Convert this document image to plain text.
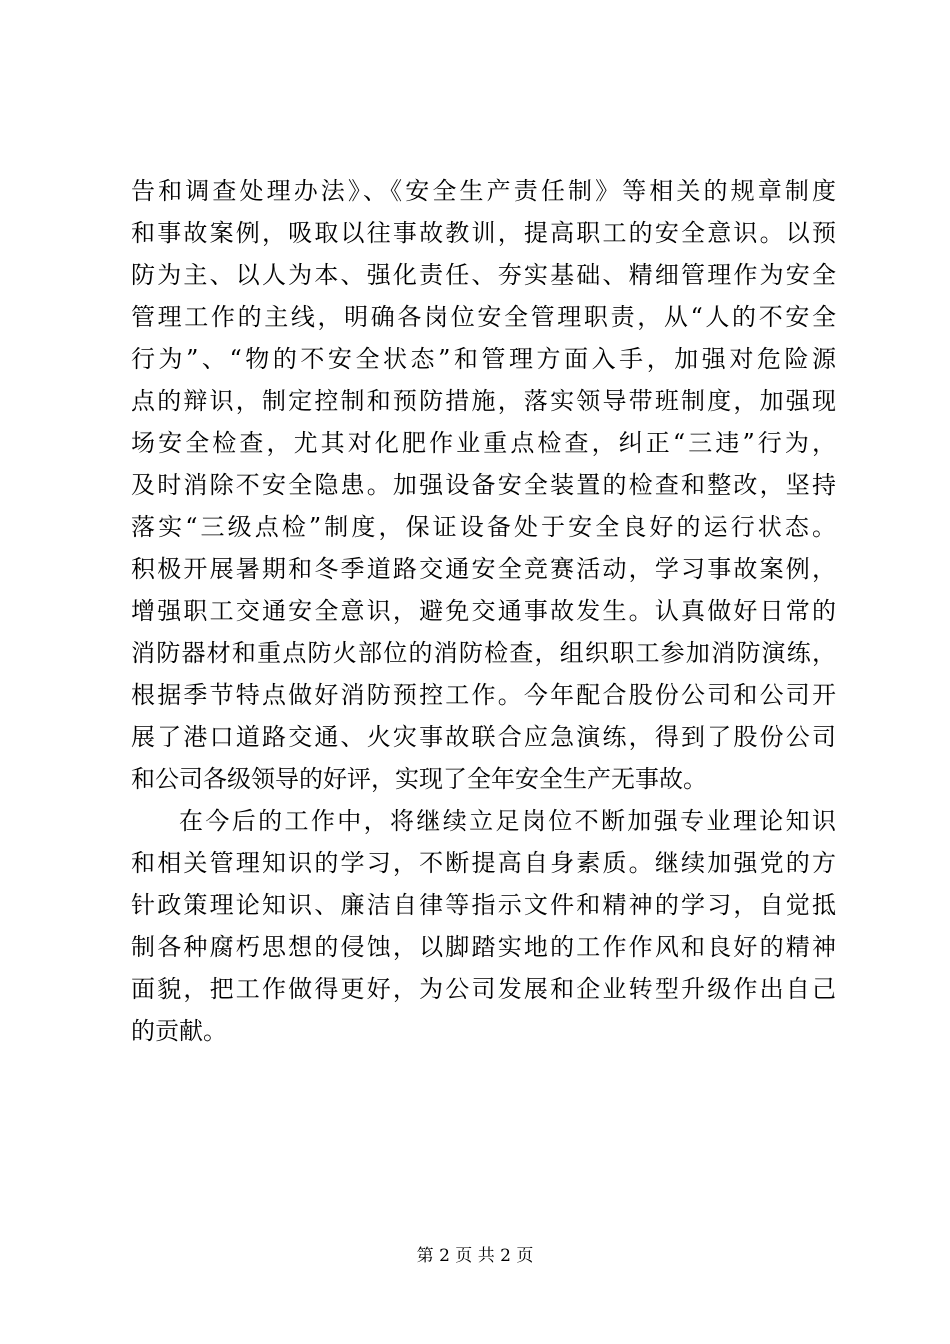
告和调查处理办法》、《安全生产责任制》等相关的规章制度
和事故案例，吸取以往事故教训，提高职工的安全意识。以预
防为主、以人为本、强化责任、夯实基础、精细管理作为安全
管理工作的主线，明确各岗位安全管理职责，从“人的不安全
行为”、“物的不安全状态”和管理方面入手，加强对危险源
点的辩识，制定控制和预防措施，落实领导带班制度，加强现
场安全检查，尤其对化肥作业重点检查，纠正“三违”行为，
及时消除不安全隐患。加强设备安全装置的检查和整改，坚持
落实“三级点检”制度，保证设备处于安全良好的运行状态。
积极开展暑期和冬季道路交通安全竞赛活动，学习事故案例，
增强职工交通安全意识，避免交通事故发生。认真做好日常的
消防器材和重点防火部位的消防检查，组织职工参加消防演练，
根据季节特点做好消防预控工作。今年配合股份公司和公司开
展了港口道路交通、火灾事故联合应急演练，得到了股份公司
和公司各级领导的好评，实现了全年安全生产无事故。
在今后的工作中，将继续立足岗位不断加强专业理论知识
和相关管理知识的学习，不断提高自身素质。继续加强党的方
针政策理论知识、廉洁自律等指示文件和精神的学习，自觉抵
制各种腐朽思想的侵蚀，以脚踏实地的工作作风和良好的精神
面貌，把工作做得更好，为公司发展和企业转型升级作出自己
的贡献。
第 2 页 共 2 页
